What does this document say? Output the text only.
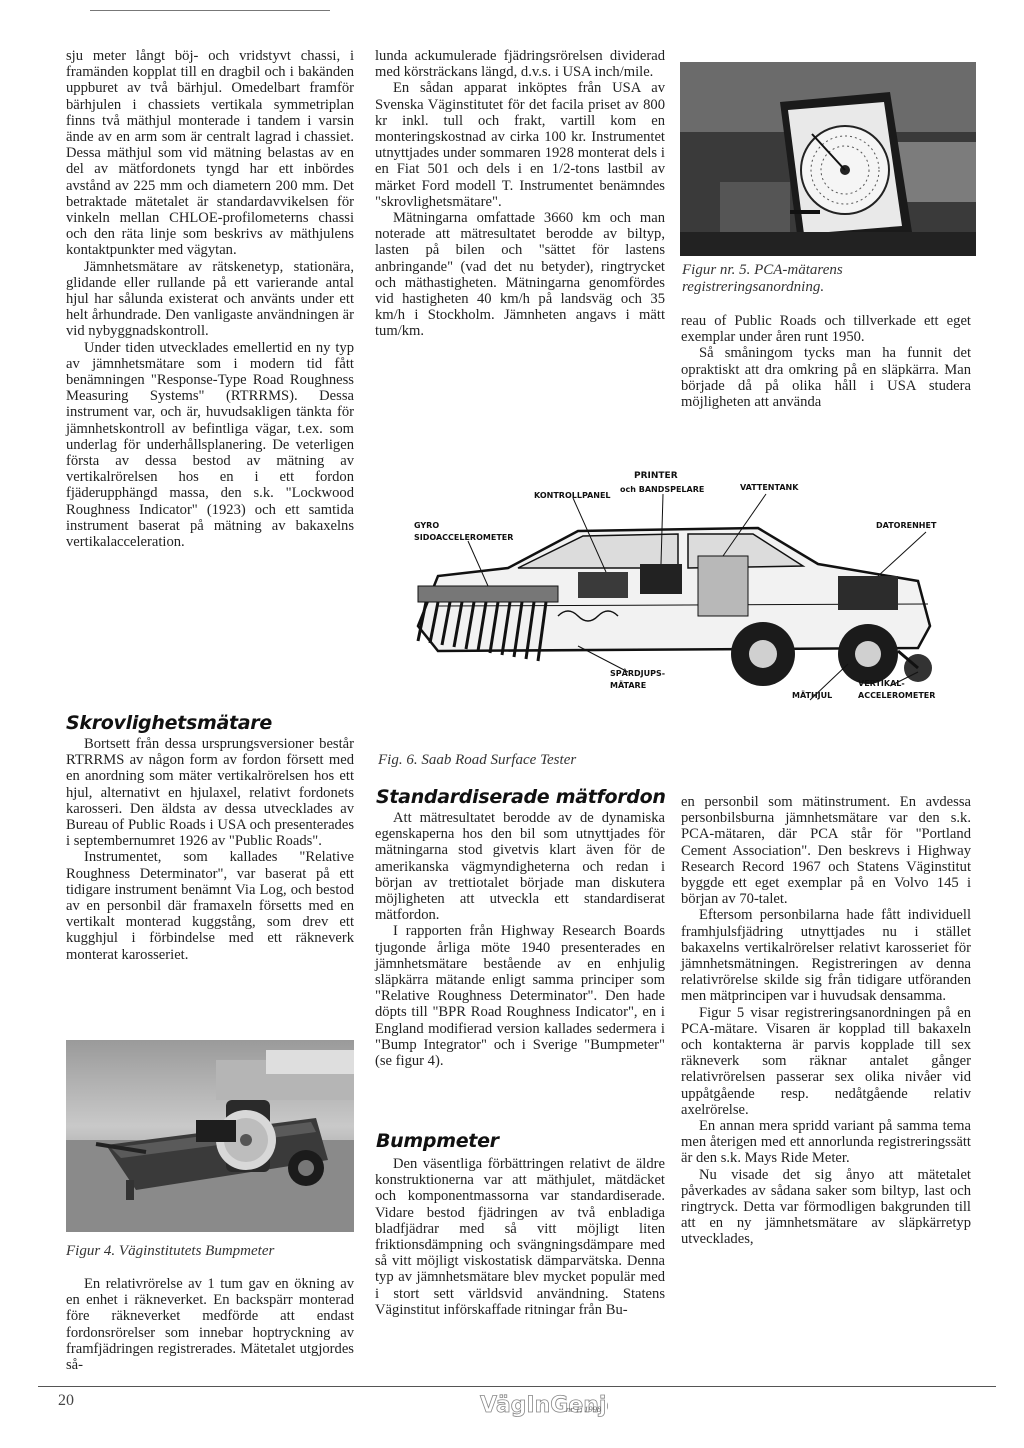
sju meter långt böj- och vridstyvt chassi, i framänden kopplat till en dragbil och i bakänden uppburet av två bärhjul. Omedelbart framför bärhjulen i chassiets vertikala symmetriplan finns två mäthjul monterade i tandem i varsin ände av en arm som är centralt lagrad i chassiet. Dessa mäthjul som vid mätning belastas av en del av mätfordonets tyngd har ett inbördes avstånd av 225 mm och diametern 200 mm. Det betraktade mätetalet är standardavvikelsen för vinkeln mellan CHLOE-profilometerns chassi och den räta linje som beskrivs av mäthjulens kontaktpunkter med vägytan.

Jämnhetsmätare av rätskenetyp, stationära, glidande eller rullande på ett varierande antal hjul har sålunda existerat och använts under ett helt århundrade. Den vanligaste användningen är vid nybyggnadskontroll.

Under tiden utvecklades emellertid en ny typ av jämnhetsmätare som i modern tid fått benämningen "Response-Type Road Roughness Measuring Systems" (RTRRMS). Dessa instrument var, och är, huvudsakligen tänkta för jämnhetskontroll av befintliga vägar, t.ex. som underlag för underhållsplanering. De veterligen första av dessa bestod av mätning av vertikalrörelsen hos en i ett fordon fjäderupphängd massa, den s.k. "Lockwood Roughness Indicator" (1923) och ett samtida instrument baserat på mätning av bakaxelns vertikalacceleration.

Skrovlighetsmätare

Bortsett från dessa ursprungsversioner består RTRRMS av någon form av fordon försett med en anordning som mäter vertikalrörelsen hos ett hjul, alternativt en hjulaxel, relativt fordonets karosseri. Den äldsta av dessa utvecklades av Bureau of Public Roads i USA och presenterades i septembernumret 1926 av "Public Roads".

Instrumentet, som kallades "Relative Roughness Determinator", var baserat på ett tidigare instrument benämnt Via Log, och bestod av en personbil där framaxeln försetts med en vertikalt monterad kuggstång, som drev ett kugghjul i förbindelse med ett räkneverk monterat karosseriet.

Figur 4. Väginstitutets Bumpmeter

En relativrörelse av 1 tum gav en ökning av en enhet i räkneverket. En backspärr monterad före räkneverket medförde att endast fordonsrörelser som innebar hoptryckning av framfjädringen registrerades. Mätetalet utgjordes så-

lunda ackumulerade fjädringsrörelsen dividerad med körsträckans längd, d.v.s. i USA inch/mile.

En sådan apparat inköptes från USA av Svenska Väginstitutet för det facila priset av 800 kr inkl. tull och frakt, vartill kom en monteringskostnad av cirka 100 kr. Instrumentet utnyttjades under sommaren 1928 monterat dels i en Fiat 501 och dels i en 1/2-tons lastbil av märket Ford modell T. Instrumentet benämndes "skrovlighetsmätare".

Mätningarna omfattade 3660 km och man noterade att mätresultatet berodde av biltyp, lasten på bilen och "sättet för lastens anbringande" (vad det nu betyder), ringtrycket och mäthastigheten. Mätningarna genomfördes vid hastigheten 40 km/h på landsväg och 35 km/h i Stockholm. Jämnheten angavs i mätt tum/km.

Figur nr. 5. PCA-mätarens registreringsanordning.

reau of Public Roads och tillverkade ett eget exemplar under åren runt 1950.

Så småningom tycks man ha funnit det opraktiskt att dra omkring på en släpkärra. Man började då på olika håll i USA studera möjligheten att använda

PRINTER
och BANDSPELARE
KONTROLLPANEL
VATTENTANK
GYRO
SIDOACCELEROMETER
DATORENHET
SPÅRDJUPS-
MÄTARE	VERTIKAL-
ACCELEROMETER
MÄTHJUL
Fig. 6. Saab Road Surface Tester
Standardiserade mätfordon

Att mätresultatet berodde av de dynamiska egenskaperna hos den bil som utnyttjades för mätningarna stod givetvis klart även för de amerikanska vägmyndigheterna och redan i början av trettiotalet började man diskutera möjligheten att utveckla ett standardiserat mätfordon.

I rapporten från Highway Research Boards tjugonde årliga möte 1940 presenterades en jämnhetsmätare bestående av en enhjulig släpkärra mätande enligt samma principer som "Relative Roughness Determinator". Den hade döpts till "BPR Road Roughness Indicator", en i England modifierad version kallades sedermera i "Bump Integrator" och i Sverige "Bumpmeter" (se figur 4).

Bumpmeter

Den väsentliga förbättringen relativt de äldre konstruktionerna var att mäthjulet, mätdäcket och komponentmassorna var standardiserade. Vidare bestod fjädringen av två enbladiga bladfjädrar med så vitt möjligt liten friktionsdämpning och svängningsdämpare med så vitt möjligt viskostatisk dämparvätska. Denna typ av jämnhetsmätare blev mycket populär med i stort sett världsvid användning. Statens Väginstitut införskaffade ritningar från Bu-

en personbil som mätinstrument. En avdessa personbilsburna jämnhetsmätare var den s.k. PCA-mätaren, där PCA står för "Portland Cement Association". Den beskrevs i Highway Research Record 1967 och Statens Väginstitut byggde ett eget exemplar på en Volvo 145 i början av 70-talet.

Eftersom personbilarna hade fått individuell framhjulsfjädring utnyttjades nu i stället bakaxelns vertikalrörelser relativt karosseriet för jämnhetsmätningen. Registreringen av denna relativrörelse skilde sig från tidigare utföranden men mätprincipen var i huvudsak densamma.

Figur 5 visar registreringsanordningen på en PCA-mätare. Visaren är kopplad till bakaxeln och kontakterna är parvis kopplade till sex räkneverk som räknar antalet gånger relativrörelsen passerar sex olika nivåer vid uppåtgående resp. nedåtgående relativ axelrörelse.

En annan mera spridd variant på samma tema men återigen med ett annorlunda registreringssätt är den s.k. Mays Ride Meter.

Nu visade det sig ånyo att mätetalet påverkades av sådana saker som biltyp, last och ringtryck. Detta var förmodligen bakgrunden till att en ny jämnhetsmätare av släpkärretyp utvecklades,

20	VägInGenj
nr 1, 1998
